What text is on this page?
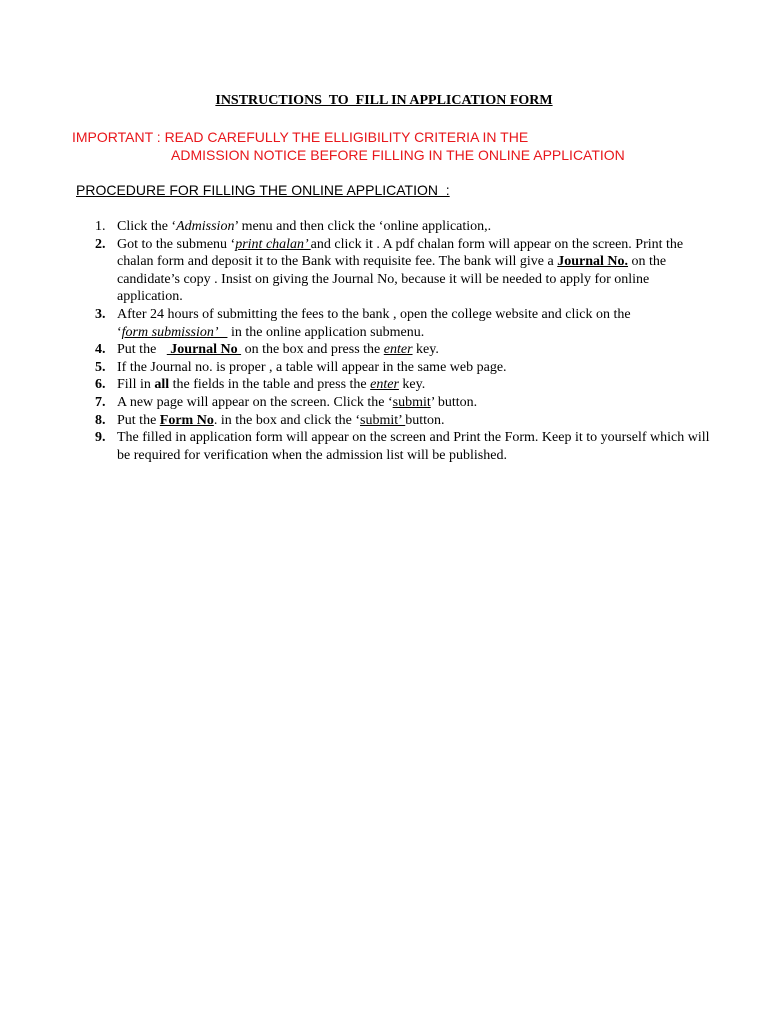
INSTRUCTIONS  TO  FILL IN APPLICATION FORM
IMPORTANT : READ CAREFULLY THE ELLIGIBILITY CRITERIA IN THE
ADMISSION NOTICE BEFORE FILLING IN THE ONLINE APPLICATION
PROCEDURE FOR FILLING THE ONLINE APPLICATION  :
1. Click the ‘Admission’ menu and then click the ‘online application,.
2. Got to the submenu ‘print chalan’ and click it . A pdf chalan form will appear on the screen. Print the chalan form and deposit it to the Bank with requisite fee. The bank will give a Journal No. on the candidate’s copy . Insist on giving the Journal No, because it will be needed to apply for online application.
3. After 24 hours of submitting the fees to the bank , open the college website and click on the ‘form submission’    in the online application submenu.
4. Put the    Journal No  on the box and press the enter key.
5. If the Journal no. is proper , a table will appear in the same web page.
6. Fill in all the fields in the table and press the enter key.
7. A new page will appear on the screen. Click the ‘submit’ button.
8. Put the Form No. in the box and click the ‘submit’ button.
9. The filled in application form will appear on the screen and Print the Form. Keep it to yourself which will be required for verification when the admission list will be published.
